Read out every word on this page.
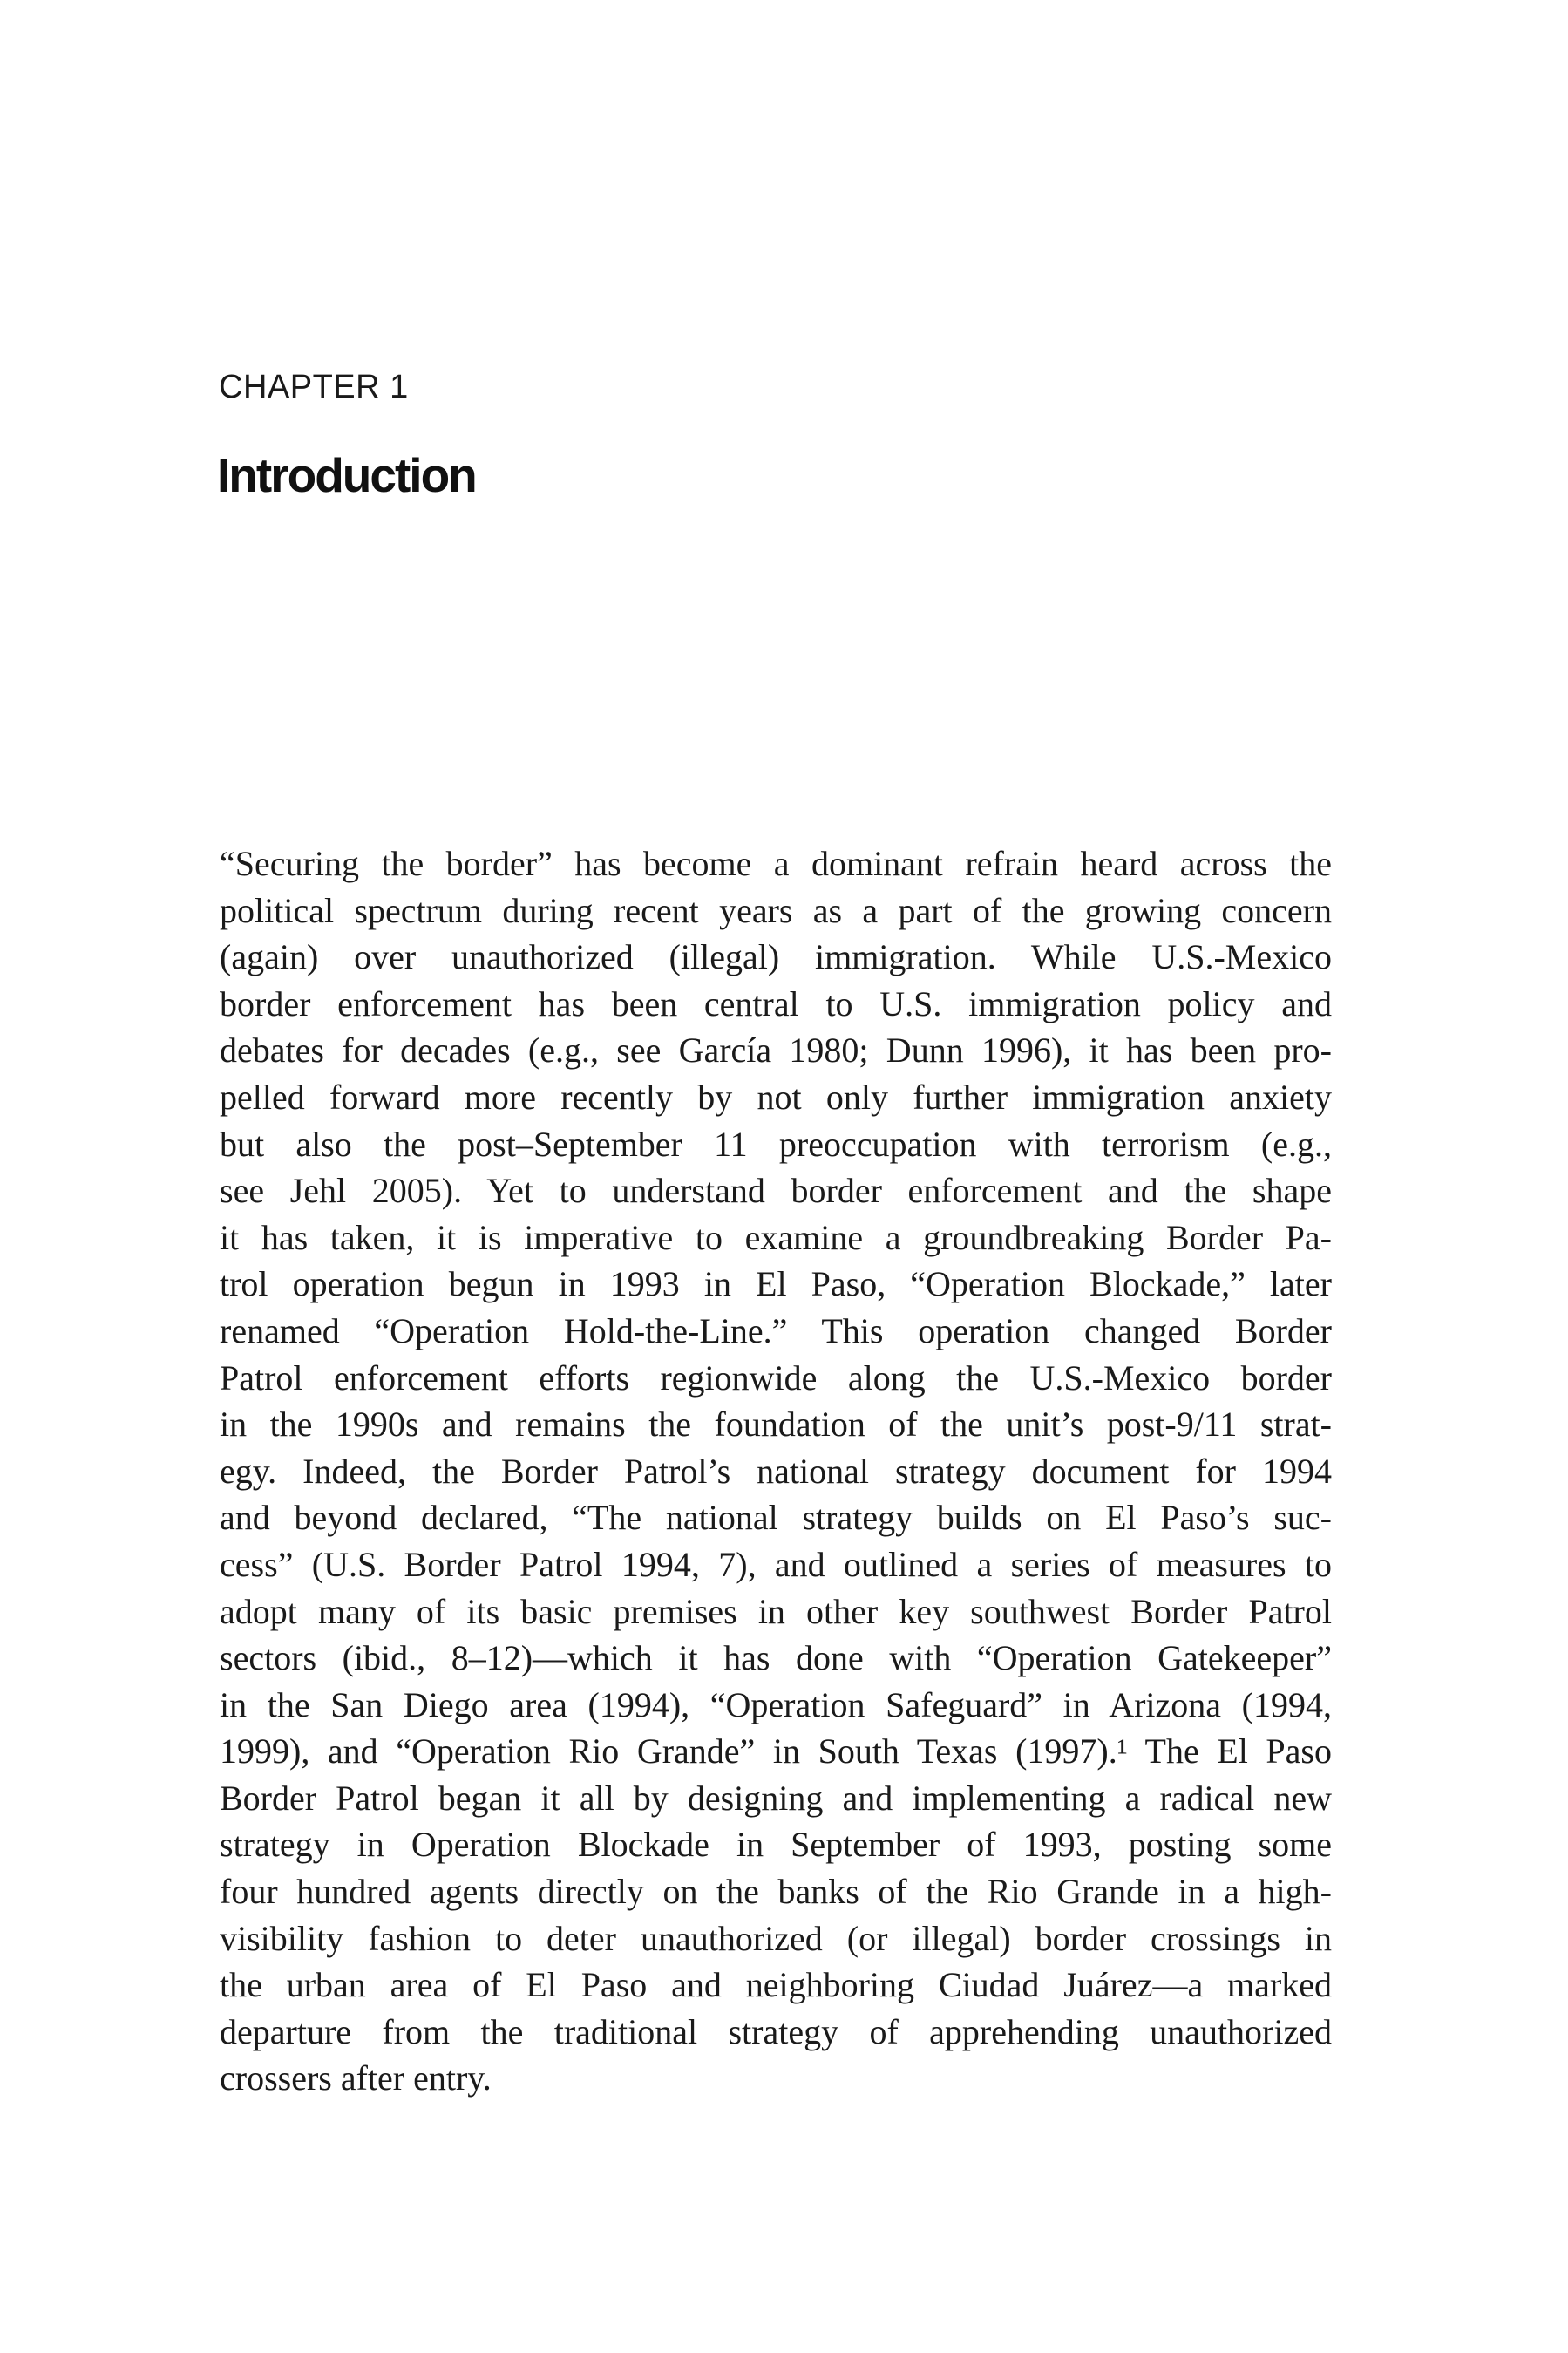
CHAPTER 1

Introduction
“Securing the border” has become a dominant refrain heard across the
political spectrum during recent years as a part of the growing concern
(again) over unauthorized (illegal) immigration. While U.S.-Mexico
border enforcement has been central to U.S. immigration policy and
debates for decades (e.g., see García 1980; Dunn 1996), it has been pro-
pelled forward more recently by not only further immigration anxiety
but also the post–September 11 preoccupation with terrorism (e.g.,
see Jehl 2005). Yet to understand border enforcement and the shape
it has taken, it is imperative to examine a groundbreaking Border Pa-
trol operation begun in 1993 in El Paso, “Operation Blockade,” later
renamed “Operation Hold-the-Line.” This operation changed Border
Patrol enforcement efforts regionwide along the U.S.-Mexico border
in the 1990s and remains the foundation of the unit’s post-9/11 strat-
egy. Indeed, the Border Patrol’s national strategy document for 1994
and beyond declared, “The national strategy builds on El Paso’s suc-
cess” (U.S. Border Patrol 1994, 7), and outlined a series of measures to
adopt many of its basic premises in other key southwest Border Patrol
sectors (ibid., 8–12)—which it has done with “Operation Gatekeeper”
in the San Diego area (1994), “Operation Safeguard” in Arizona (1994,
1999), and “Operation Rio Grande” in South Texas (1997).¹ The El Paso
Border Patrol began it all by designing and implementing a radical new
strategy in Operation Blockade in September of 1993, posting some
four hundred agents directly on the banks of the Rio Grande in a high-
visibility fashion to deter unauthorized (or illegal) border crossings in
the urban area of El Paso and neighboring Ciudad Juárez—a marked
departure from the traditional strategy of apprehending unauthorized
crossers after entry.
